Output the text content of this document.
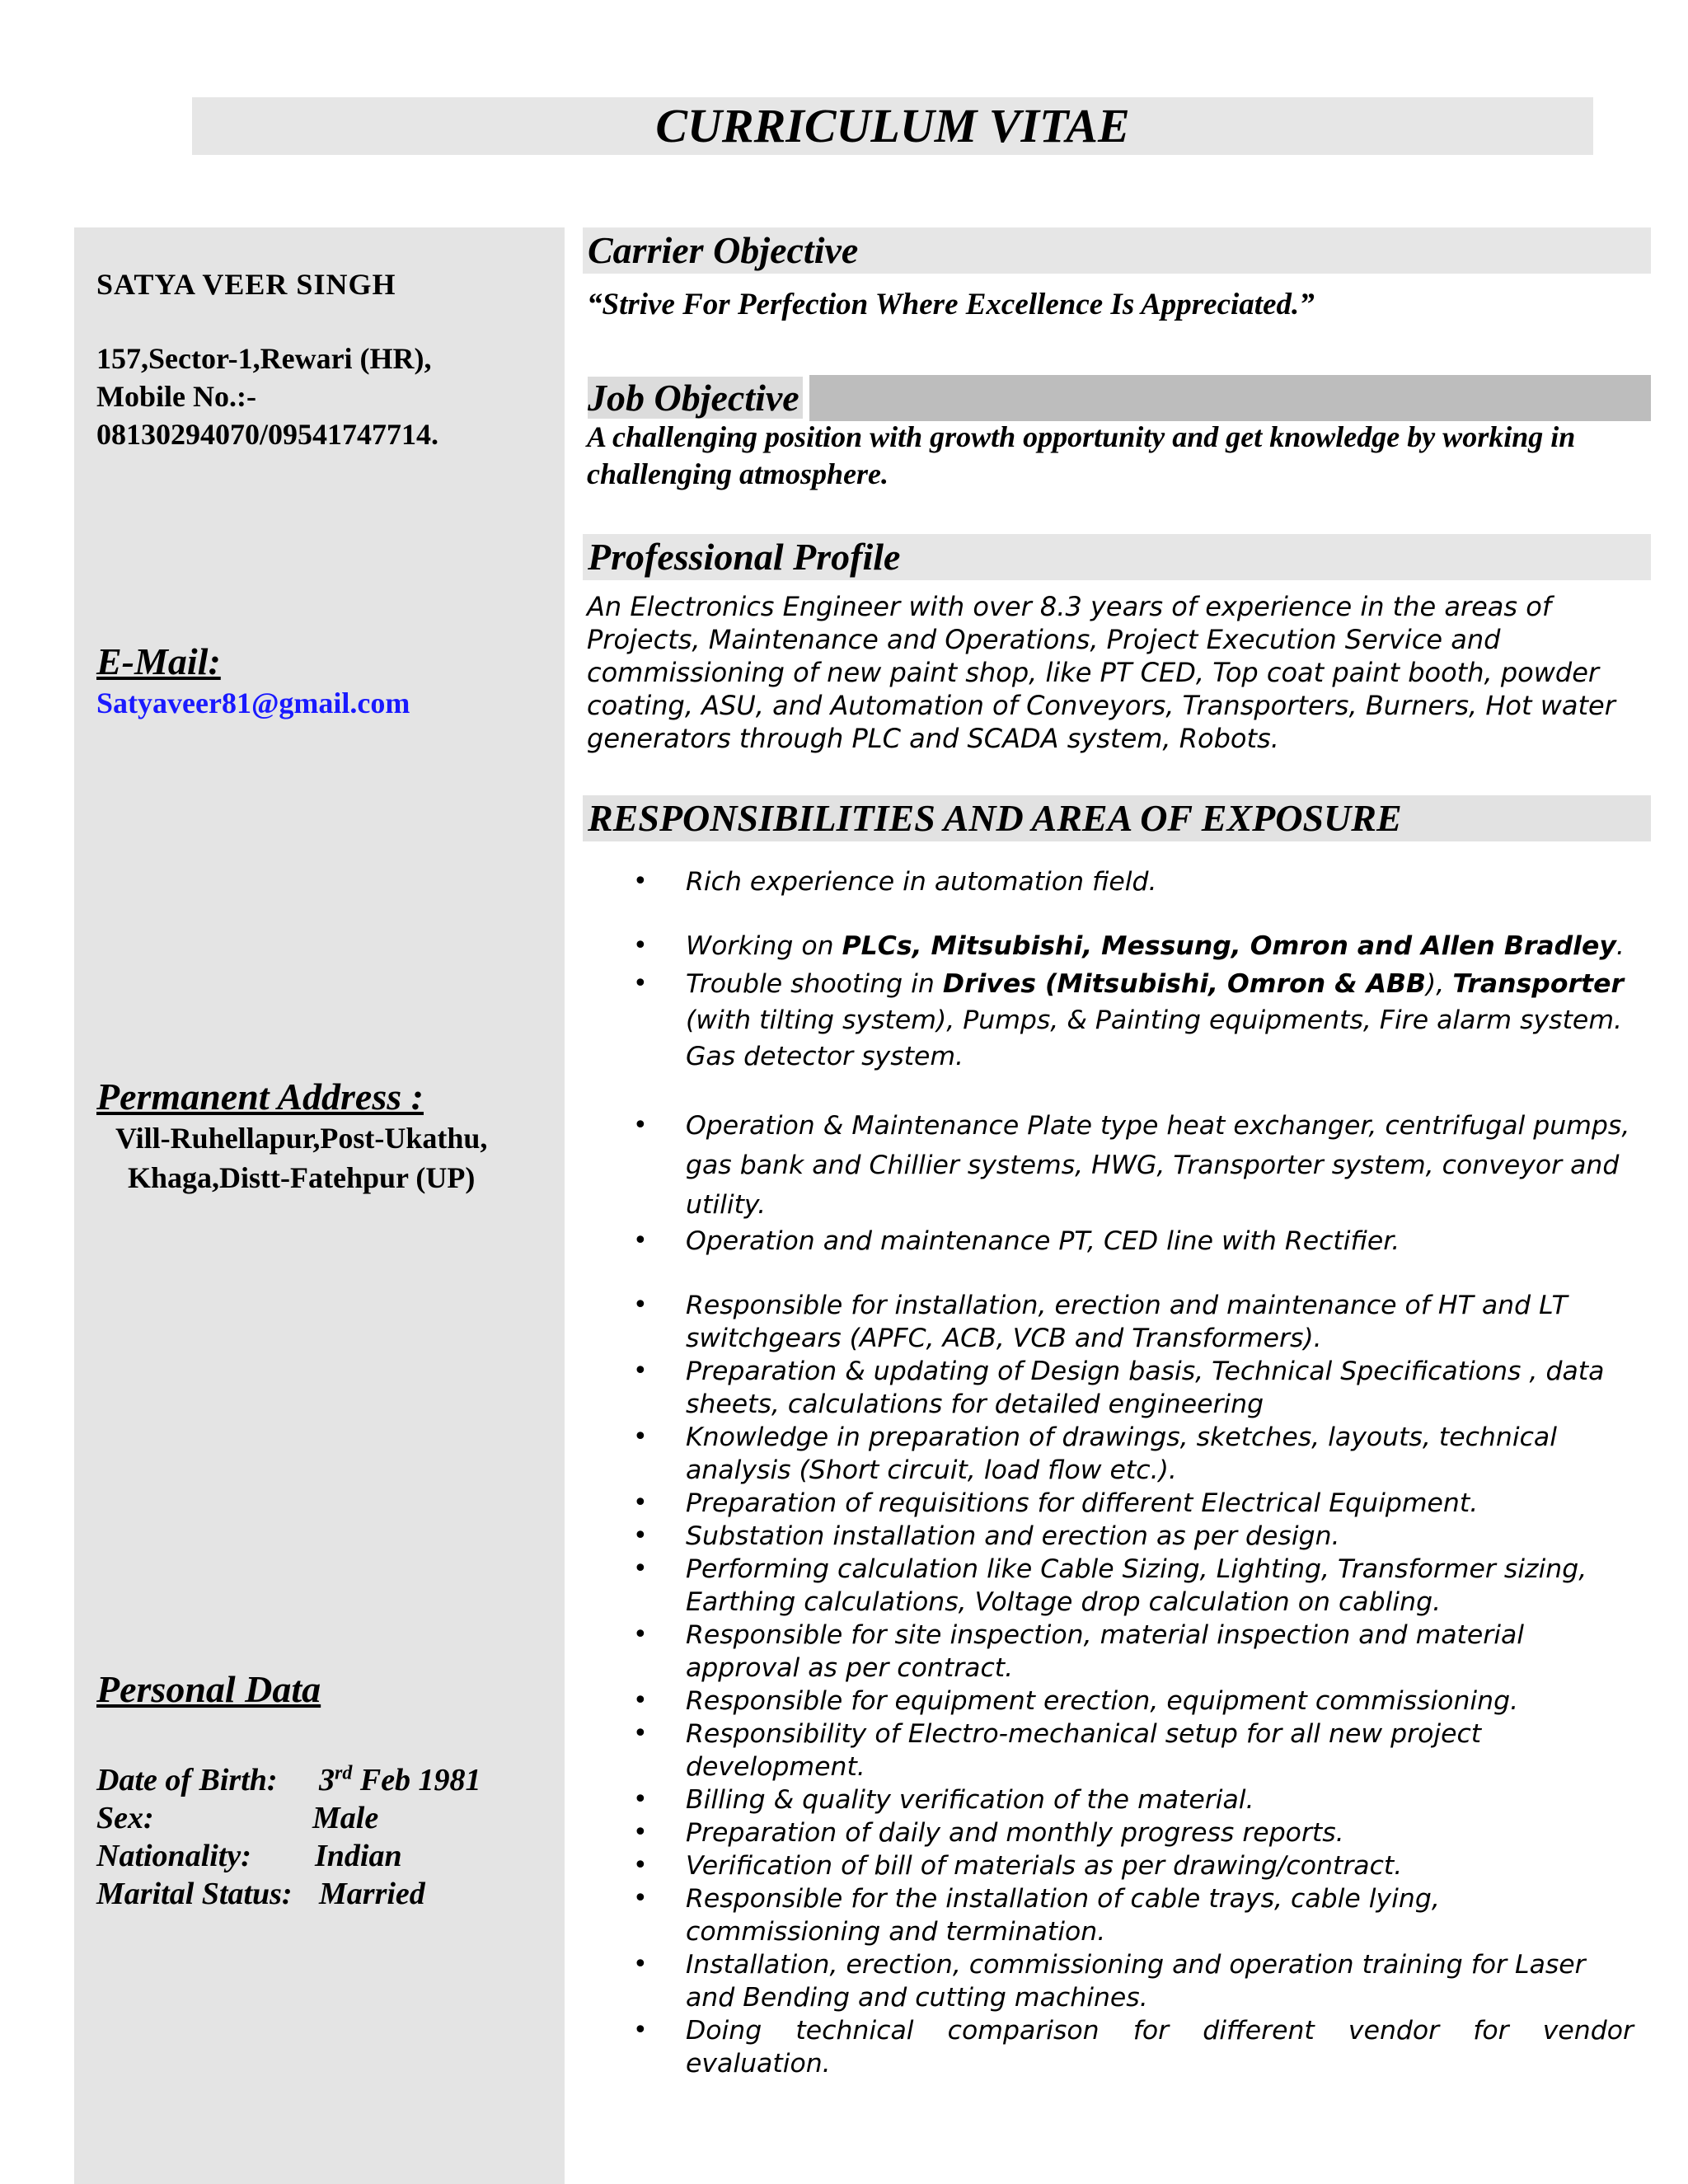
CURRICULUM VITAE
SATYA VEER SINGH
157,Sector-1,Rewari (HR),
Mobile No.:-
08130294070/09541747714.
E-Mail:
Satyaveer81@gmail.com
Permanent Address :
Vill-Ruhellapur,Post-Ukathu,
Khaga,Distt-Fatehpur (UP)
Personal Data
Date of Birth: 3rd Feb 1981
Sex:	Male
Nationality: Indian
Marital Status: Married
Carrier Objective
“Strive For Perfection Where Excellence Is Appreciated.”
Job Objective
A challenging position with growth opportunity and get knowledge by working in challenging atmosphere.
Professional Profile
An Electronics Engineer with over 8.3 years of experience in the areas of Projects, Maintenance and Operations, Project Execution Service and commissioning of new paint shop, like PT CED, Top coat paint booth, powder coating, ASU, and Automation of Conveyors, Transporters, Burners, Hot water generators through PLC and SCADA system, Robots.
RESPONSIBILITIES AND AREA OF EXPOSURE
• Rich experience in automation field.
• Working on PLCs, Mitsubishi, Messung, Omron and Allen Bradley.
• Trouble shooting in Drives (Mitsubishi, Omron & ABB), Transporter (with tilting system), Pumps, & Painting equipments, Fire alarm system. Gas detector system.
• Operation & Maintenance Plate type heat exchanger, centrifugal pumps, gas bank and Chillier systems, HWG, Transporter system, conveyor and utility.
• Operation and maintenance PT, CED line with Rectifier.
• Responsible for installation, erection and maintenance of HT and LT switchgears (APFC, ACB, VCB and Transformers).
• Preparation & updating of Design basis, Technical Specifications , data sheets, calculations for detailed engineering
• Knowledge in preparation of drawings, sketches, layouts, technical analysis (Short circuit, load flow etc.).
• Preparation of requisitions for different Electrical Equipment.
• Substation installation and erection as per design.
• Performing calculation like Cable Sizing, Lighting, Transformer sizing, Earthing calculations, Voltage drop calculation on cabling.
• Responsible for site inspection, material inspection and material approval as per contract.
• Responsible for equipment erection, equipment commissioning.
• Responsibility of Electro-mechanical setup for all new project development.
• Billing & quality verification of the material.
• Preparation of daily and monthly progress reports.
• Verification of bill of materials as per drawing/contract.
• Responsible for the installation of cable trays, cable lying, commissioning and termination.
• Installation, erection, commissioning and operation training for Laser and Bending and cutting machines.
• Doing technical comparison for different vendor for vendor
evaluation.
